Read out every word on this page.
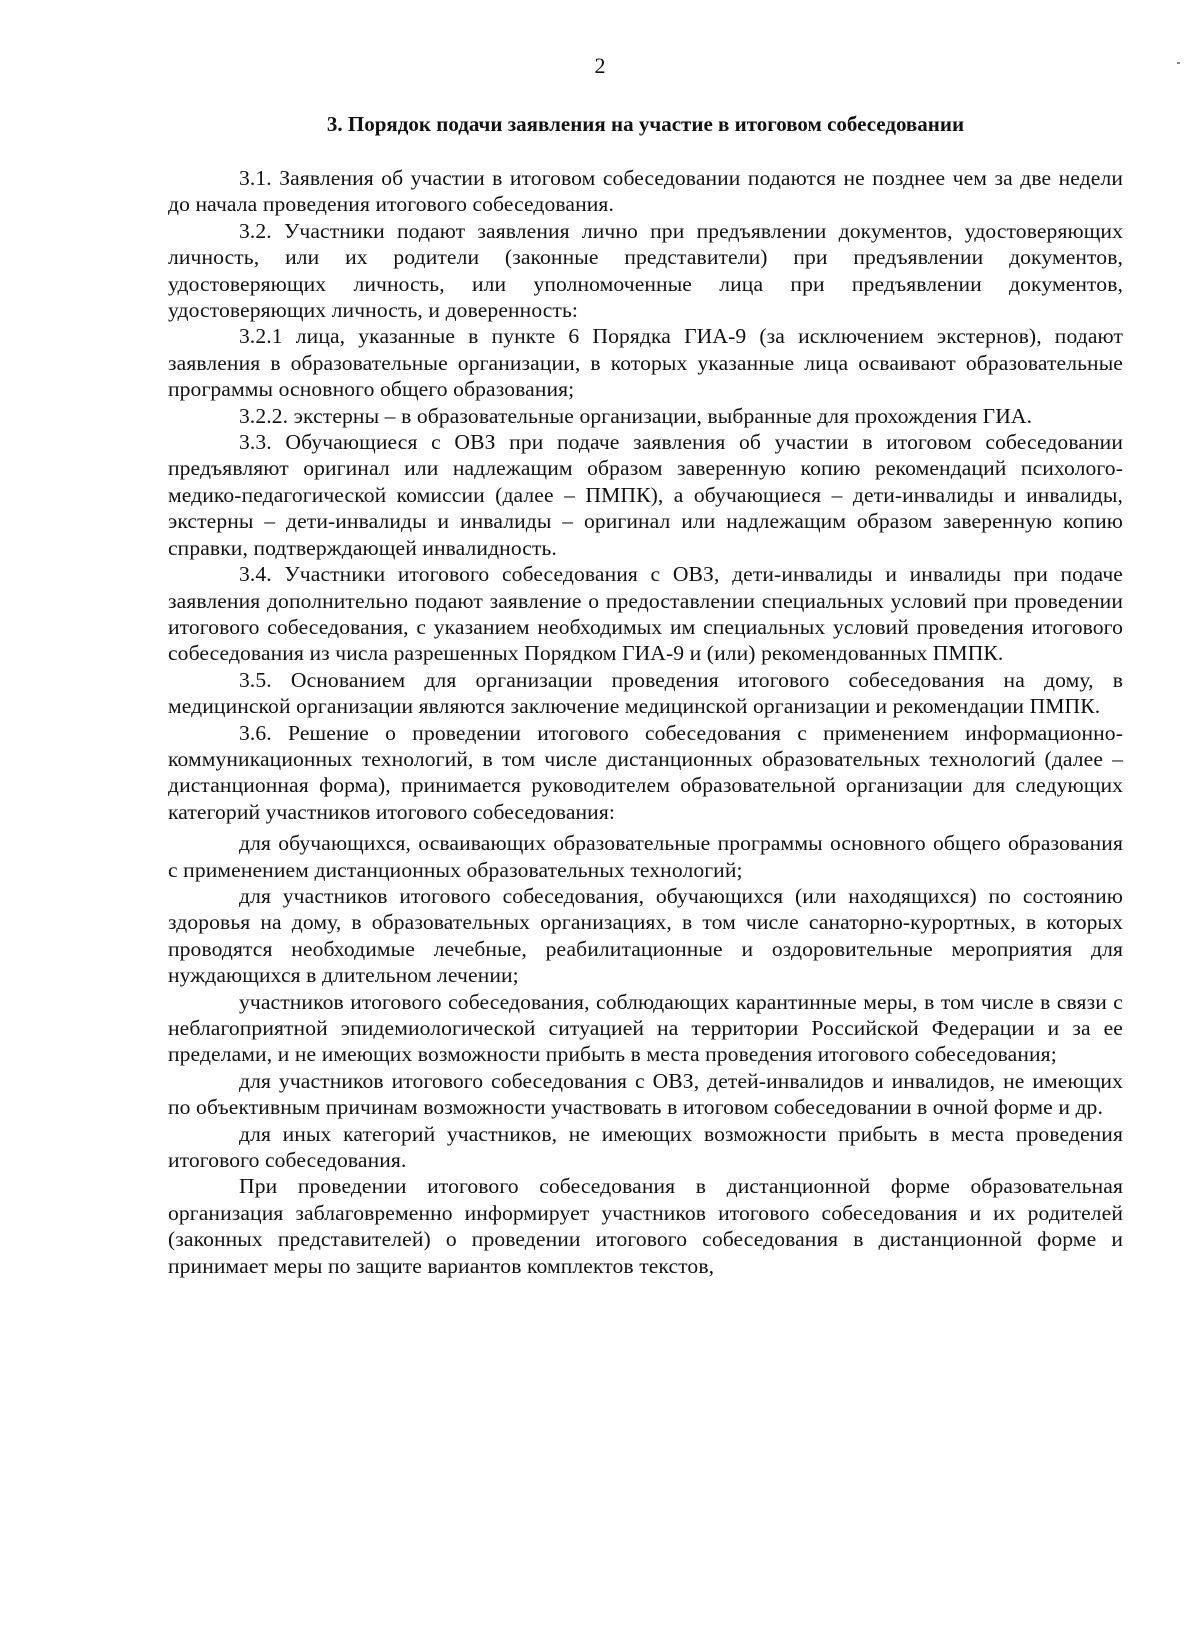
2
3. Порядок подачи заявления на участие в итоговом собеседовании

3.1. Заявления об участии в итоговом собеседовании подаются не позднее чем за две недели до начала проведения итогового собеседования.

3.2. Участники подают заявления лично при предъявлении документов, удостоверяющих личность, или их родители (законные представители) при предъявлении документов, удостоверяющих личность, или уполномоченные лица при предъявлении документов, удостоверяющих личность, и доверенность:

3.2.1 лица, указанные в пункте 6 Порядка ГИА-9 (за исключением экстернов), подают заявления в образовательные организации, в которых указанные лица осваивают образовательные программы основного общего образования;

3.2.2. экстерны – в образовательные организации, выбранные для прохождения ГИА.

3.3. Обучающиеся с ОВЗ при подаче заявления об участии в итоговом собеседовании предъявляют оригинал или надлежащим образом заверенную копию рекомендаций психолого-медико-педагогической комиссии (далее – ПМПК), а обучающиеся – дети-инвалиды и инвалиды, экстерны – дети-инвалиды и инвалиды – оригинал или надлежащим образом заверенную копию справки, подтверждающей инвалидность.

3.4. Участники итогового собеседования с ОВЗ, дети-инвалиды и инвалиды при подаче заявления дополнительно подают заявление о предоставлении специальных условий при проведении итогового собеседования, с указанием необходимых им специальных условий проведения итогового собеседования из числа разрешенных Порядком ГИА-9 и (или) рекомендованных ПМПК.

3.5. Основанием для организации проведения итогового собеседования на дому, в медицинской организации являются заключение медицинской организации и рекомендации ПМПК.

3.6. Решение о проведении итогового собеседования с применением информационно-коммуникационных технологий, в том числе дистанционных образовательных технологий (далее – дистанционная форма), принимается руководителем образовательной организации для следующих категорий участников итогового собеседования:

для обучающихся, осваивающих образовательные программы основного общего образования с применением дистанционных образовательных технологий;

для участников итогового собеседования, обучающихся (или находящихся) по состоянию здоровья на дому, в образовательных организациях, в том числе санаторно-курортных, в которых проводятся необходимые лечебные, реабилитационные и оздоровительные мероприятия для нуждающихся в длительном лечении;

участников итогового собеседования, соблюдающих карантинные меры, в том числе в связи с неблагоприятной эпидемиологической ситуацией на территории Российской Федерации и за ее пределами, и не имеющих возможности прибыть в места проведения итогового собеседования;

для участников итогового собеседования с ОВЗ, детей-инвалидов и инвалидов, не имеющих по объективным причинам возможности участвовать в итоговом собеседовании в очной форме и др.

для иных категорий участников, не имеющих возможности прибыть в места проведения итогового собеседования.

При проведении итогового собеседования в дистанционной форме образовательная организация заблаговременно информирует участников итогового собеседования и их родителей (законных представителей) о проведении итогового собеседования в дистанционной форме и принимает меры по защите вариантов комплектов текстов,
